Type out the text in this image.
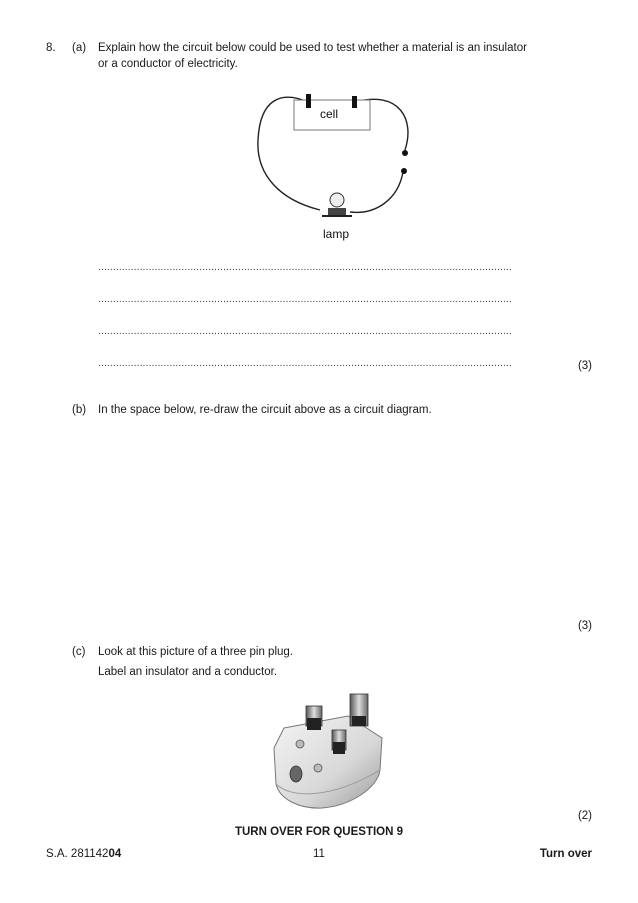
8. (a) Explain how the circuit below could be used to test whether a material is an insulator
or a conductor of electricity.
cell
lamp
...........................................................................................................................................
...........................................................................................................................................
...........................................................................................................................................
...........................................................................................................................................	(3)
(b) In the space below, re-draw the circuit above as a circuit diagram.
(3)
(c) Look at this picture of a three pin plug.
Label an insulator and a conductor.
(2)
TURN OVER FOR QUESTION 9
S.A. 28114204	11	Turn over
